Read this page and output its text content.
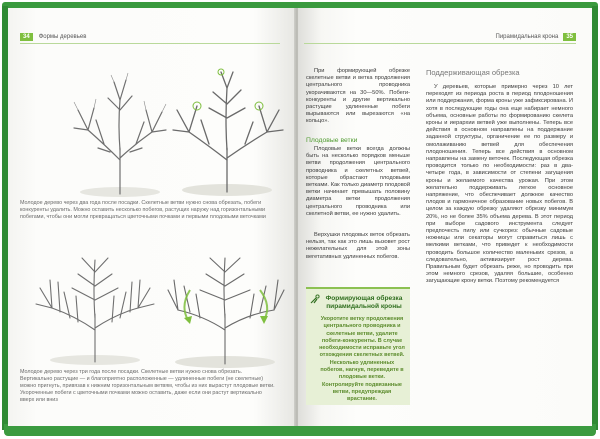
34	Формы деревьев

Молодое дерево через два года после посадки. Скелетные ветви нужно снова обрезать, побеги конкуренты удалить. Можно оставить несколько побегов, растущих наружу над горизонтальными побегами, чтобы они могли превращаться цветочными почками и первыми плодовыми веточками

Молодое дерево через три года после посадки. Скелетные ветви нужно снова обрезать. Вертикально растущие — и благоприятно расположенные — удлиненные побеги (не скелетные) можно пригнуть, привязав к нижним горизонтальным ветвям, чтобы из них вырастут плодовые ветки. Укороченные побеги с цветочными почками можно оставить, даже если они растут вертикально вверх или вниз

Пирамидальная крона	35

При формирующей обрезке скелетные ветви и ветка продолжения центрального проводника укорачиваются на 30—50%. Побеги-конкуренты и другие вертикально растущие удлиненные побеги вырываются или вырезаются «на кольцо».

Плодовые ветки

Плодовые ветки всегда должны быть на несколько порядков меньше ветви продолжения центрального проводника и скелетных ветвей, которые обрастают плодовыми ветками. Как только диаметр плодовой ветки начинает превышать половину диаметра ветки продолжения центрального проводника или скелетной ветви, ее нужно удалить.

Верхушки плодовых веток обрезать нельзя, так как это лишь вызовет рост нежелательных для этой зоны вегетативных удлиненных побегов.

Формирующая обрезка пирамидальной кроны
Укоротите ветку продолжения центрального проводника и скелетные ветви, удалите побеги-конкуренты. В случае необходимости исправьте угол отхождения скелетных ветвей. Несколько удлиненных побегов, нагнув, переведите в плодовые ветки. Контролируйте подвязанные ветви, предупреждая врастание.
Поддерживающая обрезка

У деревьев, которые примерно через 10 лет переходят из периода роста в период плодоношения или поддержания, форма кроны уже зафиксирована. И хотя в последующие годы она еще набирает немного объема, основные работы по формированию скелета кроны и иерархии ветвей уже выполнены. Теперь все действия в основном направлены на поддержание заданной структуры, органичение ее по размеру и омолаживанию ветвей для обеспечения плодоношения. Теперь все действия в основном направлены на замену веточек. Последующая обрезка проводится только по необходимости: раз в два-четыре года, в зависимости от степени загущения кроны и желаемого качества урожая. При этом желательно поддерживать легкое основное напряжение, что обеспечивает должное качество плодов и гармоничное образование новых побегов. В целом за каждую обрезку удаляют обрезку минимум 20%, но не более 35% объема дерева. В этот период при выборе садового инструмента следует предпочесть пилу или сучкорез: обычные садовые ножницы или секаторы могут справиться лишь с мелкими ветками, что приведет к необходимости проводить большое количество маленьких срезов, а следовательно, активизирует рост дерева. Правильным будет обрезать реже, но проводить при этом немного срезов, удаляя большие, особенно загущающие крону ветки. Поэтому рекомендуется
